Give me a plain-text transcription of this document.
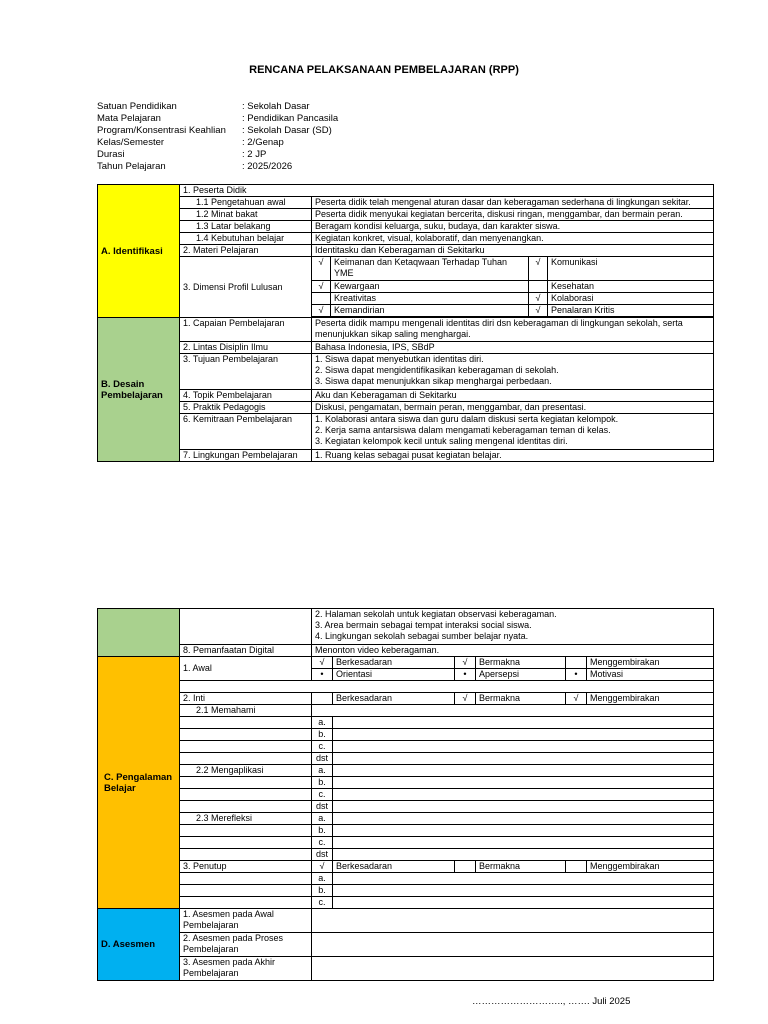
RENCANA PELAKSANAAN PEMBELAJARAN (RPP)
Satuan Pendidikan	: Sekolah Dasar
Mata Pelajaran	: Pendidikan Pancasila
Program/Konsentrasi Keahlian	: Sekolah Dasar (SD)
Kelas/Semester	: 2/Genap
Durasi	: 2 JP
Tahun Pelajaran	: 2025/2026
A. Identifikasi	1. Peserta Didik				
	1.1 Pengetahuan awal	Peserta didik telah mengenal aturan dasar dan keberagaman sederhana di lingkungan sekitar.			
	1.2 Minat bakat	Peserta didik menyukai kegiatan bercerita, diskusi ringan, menggambar, dan bermain peran.			
	1.3 Latar belakang	Beragam kondisi keluarga, suku, budaya, dan karakter siswa.			
	1.4 Kebutuhan belajar	Kegiatan konkret, visual, kolaboratif, dan menyenangkan.			
	2. Materi Pelajaran	Identitasku dan Keberagaman di Sekitarku			
	3. Dimensi Profil Lulusan	√	Keimanan dan Ketaqwaan Terhadap Tuhan YME	√	Komunikasi
		√	Kewargaan		Kesehatan
			Kreativitas	√	Kolaborasi
		√	Kemandirian	√	Penalaran Kritis

B. Desain Pembelajaran	1. Capaian Pembelajaran	Peserta didik mampu mengenali identitas diri dsn keberagaman di lingkungan sekolah, serta menunjukkan sikap saling menghargai.			
	2. Lintas Disiplin Ilmu	Bahasa Indonesia, IPS, SBdP			
	3. Tujuan Pembelajaran	1. Siswa dapat menyebutkan identitas diri.
2. Siswa dapat mengidentifikasikan keberagaman di sekolah.
3. Siswa dapat menunjukkan sikap menghargai perbedaan.			

	4. Topik Pembelajaran	Aku dan Keberagaman di Sekitarku			
	5. Praktik Pedagogis	Diskusi, pengamatan, bermain peran, menggambar, dan presentasi.			
	6. Kemitraan Pembelajaran	1. Kolaborasi antara siswa dan guru dalam diskusi serta kegiatan kelompok.
2. Kerja sama antarsiswa dalam mengamati keberagaman teman di kelas.
3. Kegiatan kelompok kecil untuk saling mengenal identitas diri.			

	7. Lingkungan Pembelajaran	1. Ruang kelas sebagai pusat kegiatan belajar.			

		2. Halaman sekolah untuk kegiatan observasi keberagaman.
3. Area bermain sebagai tempat interaksi social siswa.
4. Lingkungan sekolah sebagai sumber belajar nyata.					

	8. Pemanfaatan Digital	Menonton video keberagaman.					
C. Pengalaman Belajar	1. Awal	√	Berkesadaran	√	Bermakna		Menggembirakan
		•	Orientasi	•	Apersepsi	•	Motivasi

	2. Inti		Berkesadaran	√	Bermakna	√	Menggembirakan
	2.1 Memahami						
		a.					
		b.					
		c.					
		dst					
	2.2 Mengaplikasi	a.					
		b.					
		c.					
		dst					
	2.3 Merefleksi	a.					
		b.					
		c.					
		dst					
	3. Penutup	√	Berkesadaran		Bermakna		Menggembirakan
		a.					
		b.					
		c.					
D. Asesmen	1. Asesmen pada Awal Pembelajaran						
	2. Asesmen pada Proses Pembelajaran						
	3. Asesmen pada Akhir Pembelajaran						
……………………….., ……. Juli 2025
